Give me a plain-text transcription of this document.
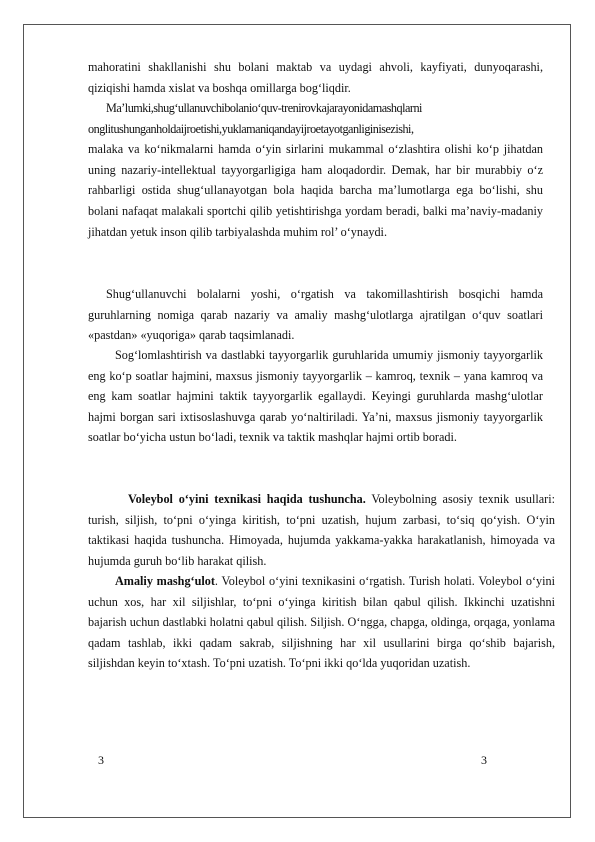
mahoratini shakllanishi shu bolani maktab va uydagi ahvoli, kayfiyati, dunyoqarashi, qiziqishi hamda xislat va boshqa omillarga bog‘liqdir.

Ma’lumki,shug‘ullanuvchibolanio‘quv-trenirovkajarayonidamashqlarni
onglitushunganholdaijroetishi,yuklamaniqandayijroetayotganliginisezishi,
malaka va ko‘nikmalarni hamda o‘yin sirlarini mukammal o‘zlashtira olishi ko‘p jihatdan uning nazariy-intellektual tayyorgarligiga ham aloqadordir. Demak, har bir murabbiy o‘z rahbarligi ostida shug‘ullanayotgan bola haqida barcha ma’lumotlarga ega bo‘lishi, shu bolani nafaqat malakali sportchi qilib yetishtirishga yordam beradi, balki ma’naviy-madaniy jihatdan yetuk inson qilib tarbiyalashda muhim rol’ o‘ynaydi.

Shug‘ullanuvchi bolalarni yoshi, o‘rgatish va takomillashtirish bosqichi hamda guruhlarning nomiga qarab nazariy va amaliy mashg‘ulotlarga ajratilgan o‘quv soatlari «pastdan» «yuqoriga» qarab taqsimlanadi.

Sog‘lomlashtirish va dastlabki tayyorgarlik guruhlarida umumiy jismoniy tayyorgarlik eng ko‘p soatlar hajmini, maxsus jismoniy tayyorgarlik – kamroq, texnik – yana kamroq va eng kam soatlar hajmini taktik tayyorgarlik egallaydi. Keyingi guruhlarda mashg‘ulotlar hajmi borgan sari ixtisoslashuvga qarab yo‘naltiriladi. Ya’ni, maxsus jismoniy tayyorgarlik soatlar bo‘yicha ustun bo‘ladi, texnik va taktik mashqlar hajmi ortib boradi.

Voleybol o‘yini texnikasi haqida tushuncha. Voleybolning asosiy texnik usullari: turish, siljish, to‘pni o‘yinga kiritish, to‘pni uzatish, hujum zarbasi, to‘siq qo‘yish. O‘yin taktikasi haqida tushuncha. Himoyada, hujumda yakkama-yakka harakatlanish, himoyada va hujumda guruh bo‘lib harakat qilish.

Amaliy mashg‘ulot. Voleybol o‘yini texnikasini o‘rgatish. Turish holati. Voleybol o‘yini uchun xos, har xil siljishlar, to‘pni o‘yinga kiritish bilan qabul qilish. Ikkinchi uzatishni bajarish uchun dastlabki holatni qabul qilish. Siljish. O‘ngga, chapga, oldinga, orqaga, yonlama qadam tashlab, ikki qadam sakrab, siljishning har xil usullarini birga qo‘shib bajarish, siljishdan keyin to‘xtash. To‘pni uzatish. To‘pni ikki qo‘lda yuqoridan uzatish.

3	3
